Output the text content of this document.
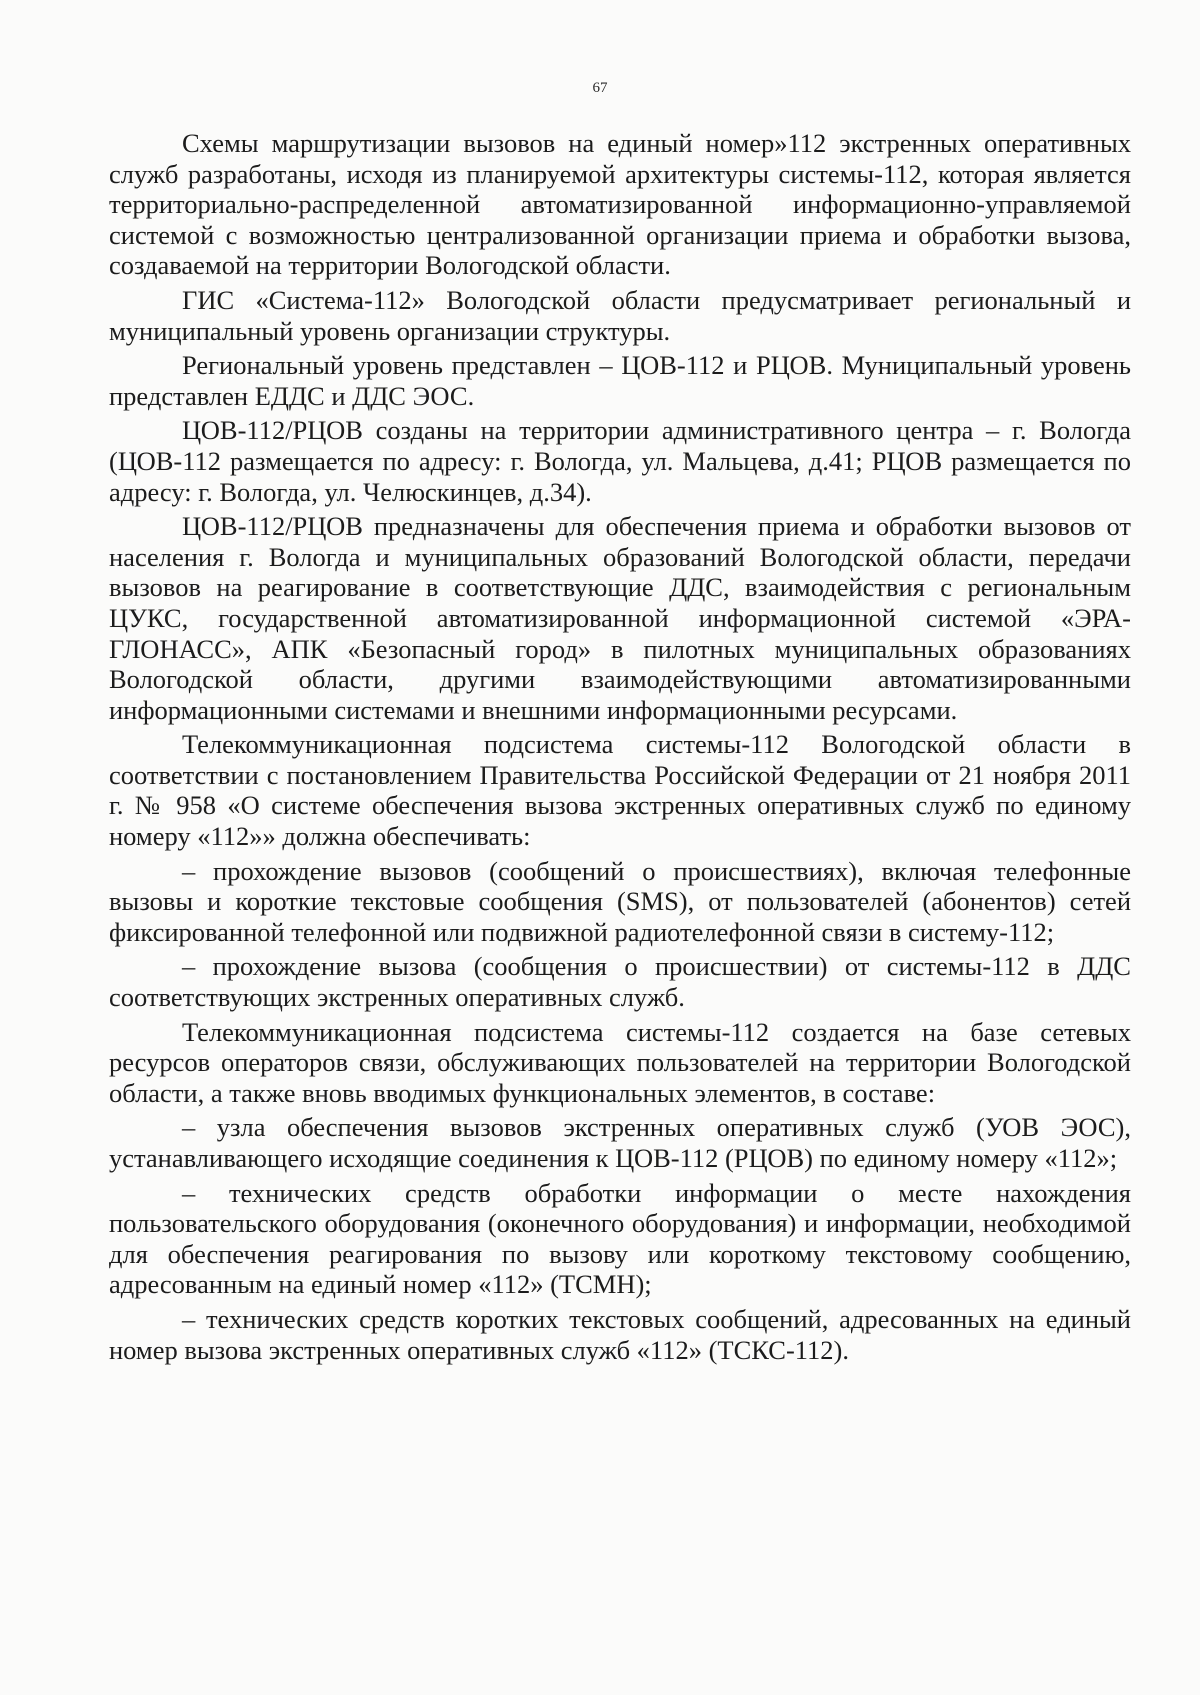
67

Схемы маршрутизации вызовов на единый номер»112 экстренных оперативных служб разработаны, исходя из планируемой архитектуры системы-112, которая является территориально-распределенной автоматизированной информационно-управляемой системой с возможностью централизованной организации приема и обработки вызова, создаваемой на территории Вологодской области.

ГИС «Система-112» Вологодской области предусматривает региональный и муниципальный уровень организации структуры.

Региональный уровень представлен – ЦОВ-112 и РЦОВ. Муниципальный уровень представлен ЕДДС и ДДС ЭОС.

ЦОВ-112/РЦОВ созданы на территории административного центра – г. Вологда (ЦОВ-112 размещается по адресу: г. Вологда, ул. Мальцева, д.41; РЦОВ размещается по адресу: г. Вологда, ул. Челюскинцев, д.34).

ЦОВ-112/РЦОВ предназначены для обеспечения приема и обработки вызовов от населения г. Вологда и муниципальных образований Вологодской области, передачи вызовов на реагирование в соответствующие ДДС, взаимодействия с региональным ЦУКС, государственной автоматизированной информационной системой «ЭРА-ГЛОНАСС», АПК «Безопасный город» в пилотных муниципальных образованиях Вологодской области, другими взаимодействующими автоматизированными информационными системами и внешними информационными ресурсами.

Телекоммуникационная подсистема системы-112 Вологодской области в соответствии с постановлением Правительства Российской Федерации от 21 ноября 2011 г. № 958 «О системе обеспечения вызова экстренных оперативных служб по единому номеру «112»» должна обеспечивать:

– прохождение вызовов (сообщений о происшествиях), включая телефонные вызовы и короткие текстовые сообщения (SMS), от пользователей (абонентов) сетей фиксированной телефонной или подвижной радиотелефонной связи в систему-112;

– прохождение вызова (сообщения о происшествии) от системы-112 в ДДС соответствующих экстренных оперативных служб.

Телекоммуникационная подсистема системы-112 создается на базе сетевых ресурсов операторов связи, обслуживающих пользователей на территории Вологодской области, а также вновь вводимых функциональных элементов, в составе:

– узла обеспечения вызовов экстренных оперативных служб (УОВ ЭОС), устанавливающего исходящие соединения к ЦОВ-112 (РЦОВ) по единому номеру «112»;

– технических средств обработки информации о месте нахождения пользовательского оборудования (оконечного оборудования) и информации, необходимой для обеспечения реагирования по вызову или короткому текстовому сообщению, адресованным на единый номер «112» (ТСМН);

– технических средств коротких текстовых сообщений, адресованных на единый номер вызова экстренных оперативных служб «112» (ТСКС-112).
